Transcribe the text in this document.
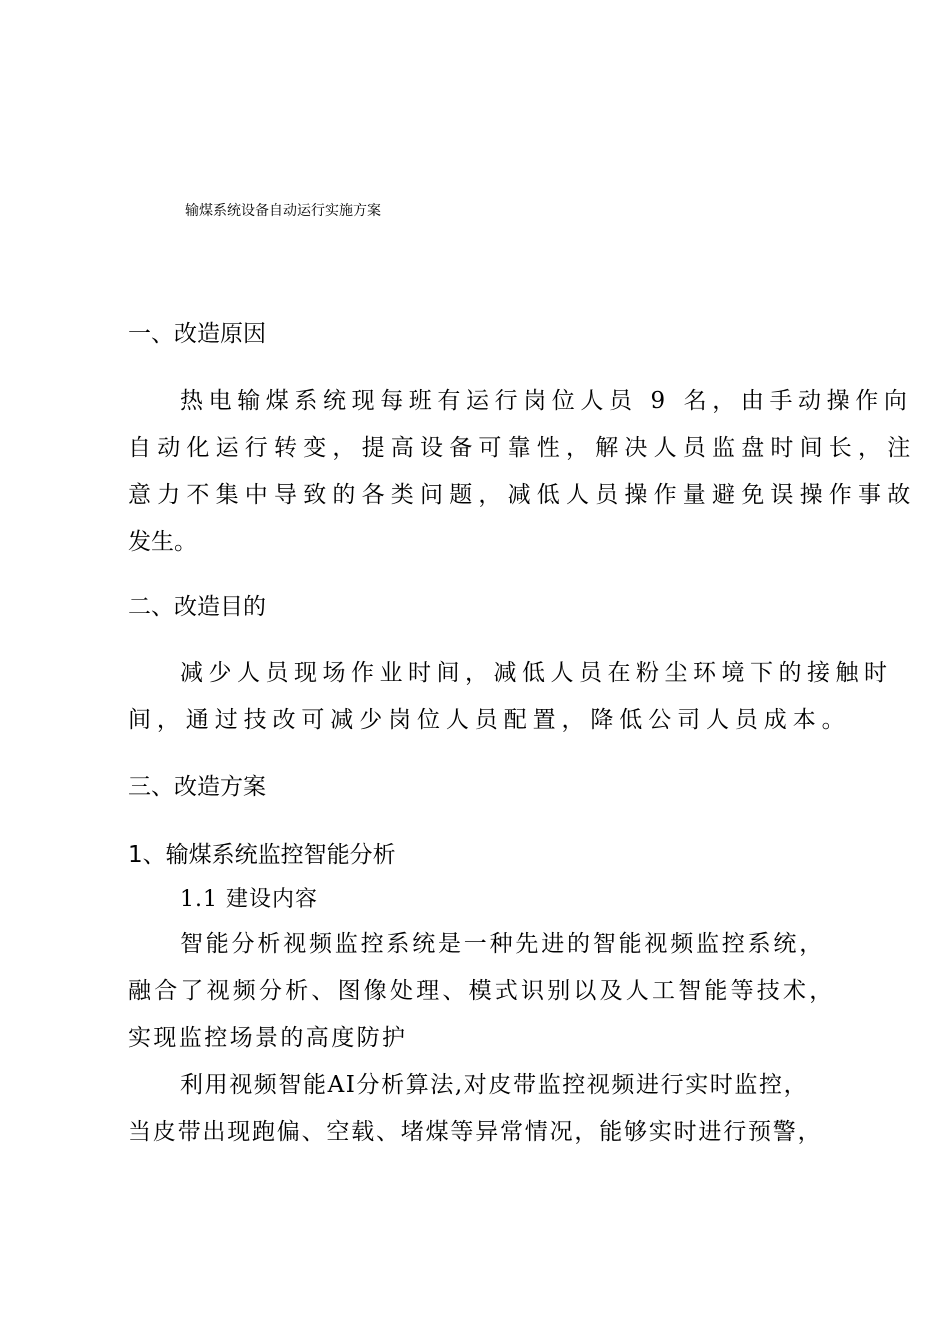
输煤系统设备自动运行实施方案
一、改造原因
热电输煤系统现每班有运行岗位人员 9 名，由手动操作向
自动化运行转变，提高设备可靠性，解决人员监盘时间长，注
意力不集中导致的各类问题，减低人员操作量避免误操作事故
发生。
二、改造目的
减少人员现场作业时间，减低人员在粉尘环境下的接触时
间，通过技改可减少岗位人员配置，降低公司人员成本。
三、改造方案
1、输煤系统监控智能分析
1.1 建设内容
智能分析视频监控系统是一种先进的智能视频监控系统，
融合了视频分析、图像处理、模式识别以及人工智能等技术，
实现监控场景的高度防护
利用视频智能AI分析算法,对皮带监控视频进行实时监控，
当皮带出现跑偏、空载、堵煤等异常情况，能够实时进行预警，
